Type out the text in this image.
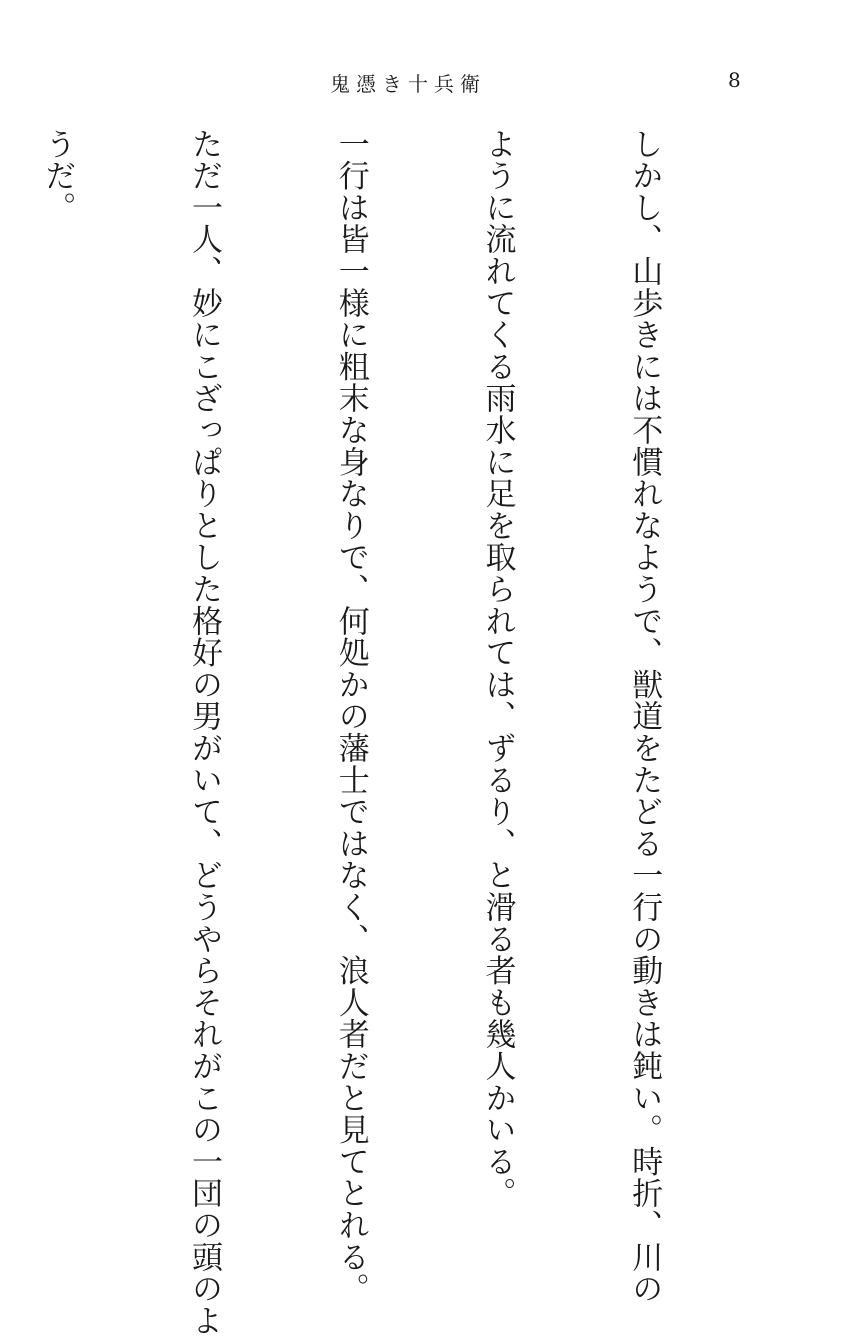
鬼憑き十兵衛	8

しかし、山歩きには不慣れなようで、獣道をたどる一行の動きは鈍い。時折、川の

ように流れてくる雨水に足を取られては、ずるり、と滑る者も幾人かいる。

一行は皆一様に粗末な身なりで、何処かの藩士ではなく、浪人者だと見てとれる。

ただ一人、妙にこざっぱりとした格好の男がいて、どうやらそれがこの一団の頭のよ

うだ。
